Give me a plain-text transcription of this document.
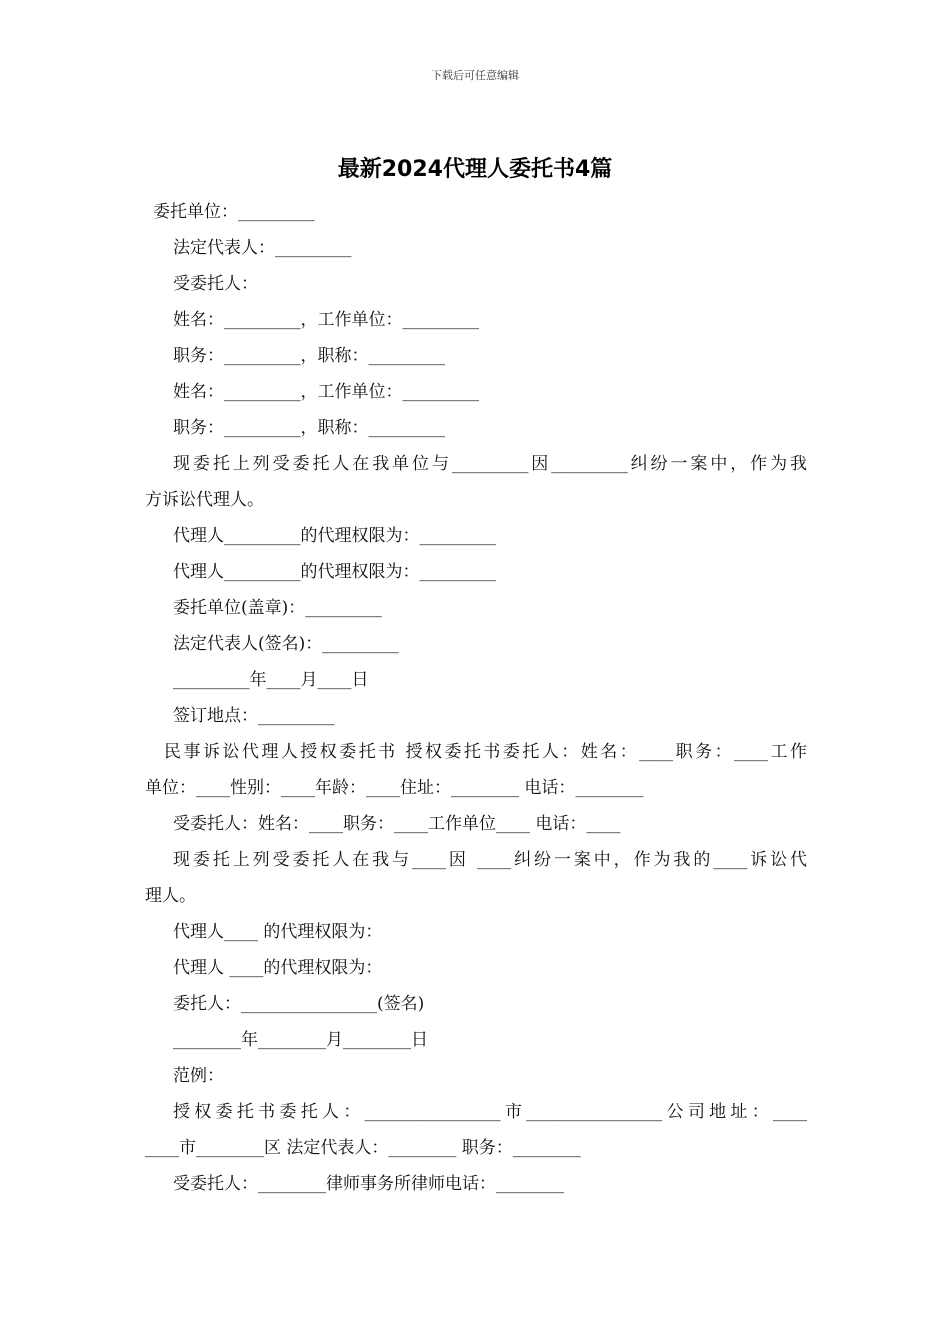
下载后可任意编辑
最新2024代理人委托书4篇
委托单位：_________
法定代表人：_________
受委托人：
姓名：_________，工作单位：_________
职务：_________，职称：_________
姓名：_________，工作单位：_________
职务：_________，职称：_________
现委托上列受委托人在我单位与_________因_________纠纷一案中，作为我
方诉讼代理人。
代理人_________的代理权限为：_________
代理人_________的代理权限为：_________
委托单位(盖章)：_________
法定代表人(签名)：_________
_________年____月____日
签订地点：_________
民事诉讼代理人授权委托书 授权委托书委托人：姓名：____职务：____工作
单位：____性别：____年龄：____住址：________ 电话：________
受委托人：姓名：____职务：____工作单位____ 电话：____
现委托上列受委托人在我与____因 ____纠纷一案中，作为我的____诉讼代
理人。
代理人____ 的代理权限为：
代理人 ____的代理权限为：
委托人：________________(签名)
________年________月________日
范例：
授权委托书委托人：________________市________________公司地址：____
____市________区 法定代表人：________ 职务：________
受委托人：________律师事务所律师电话：________
